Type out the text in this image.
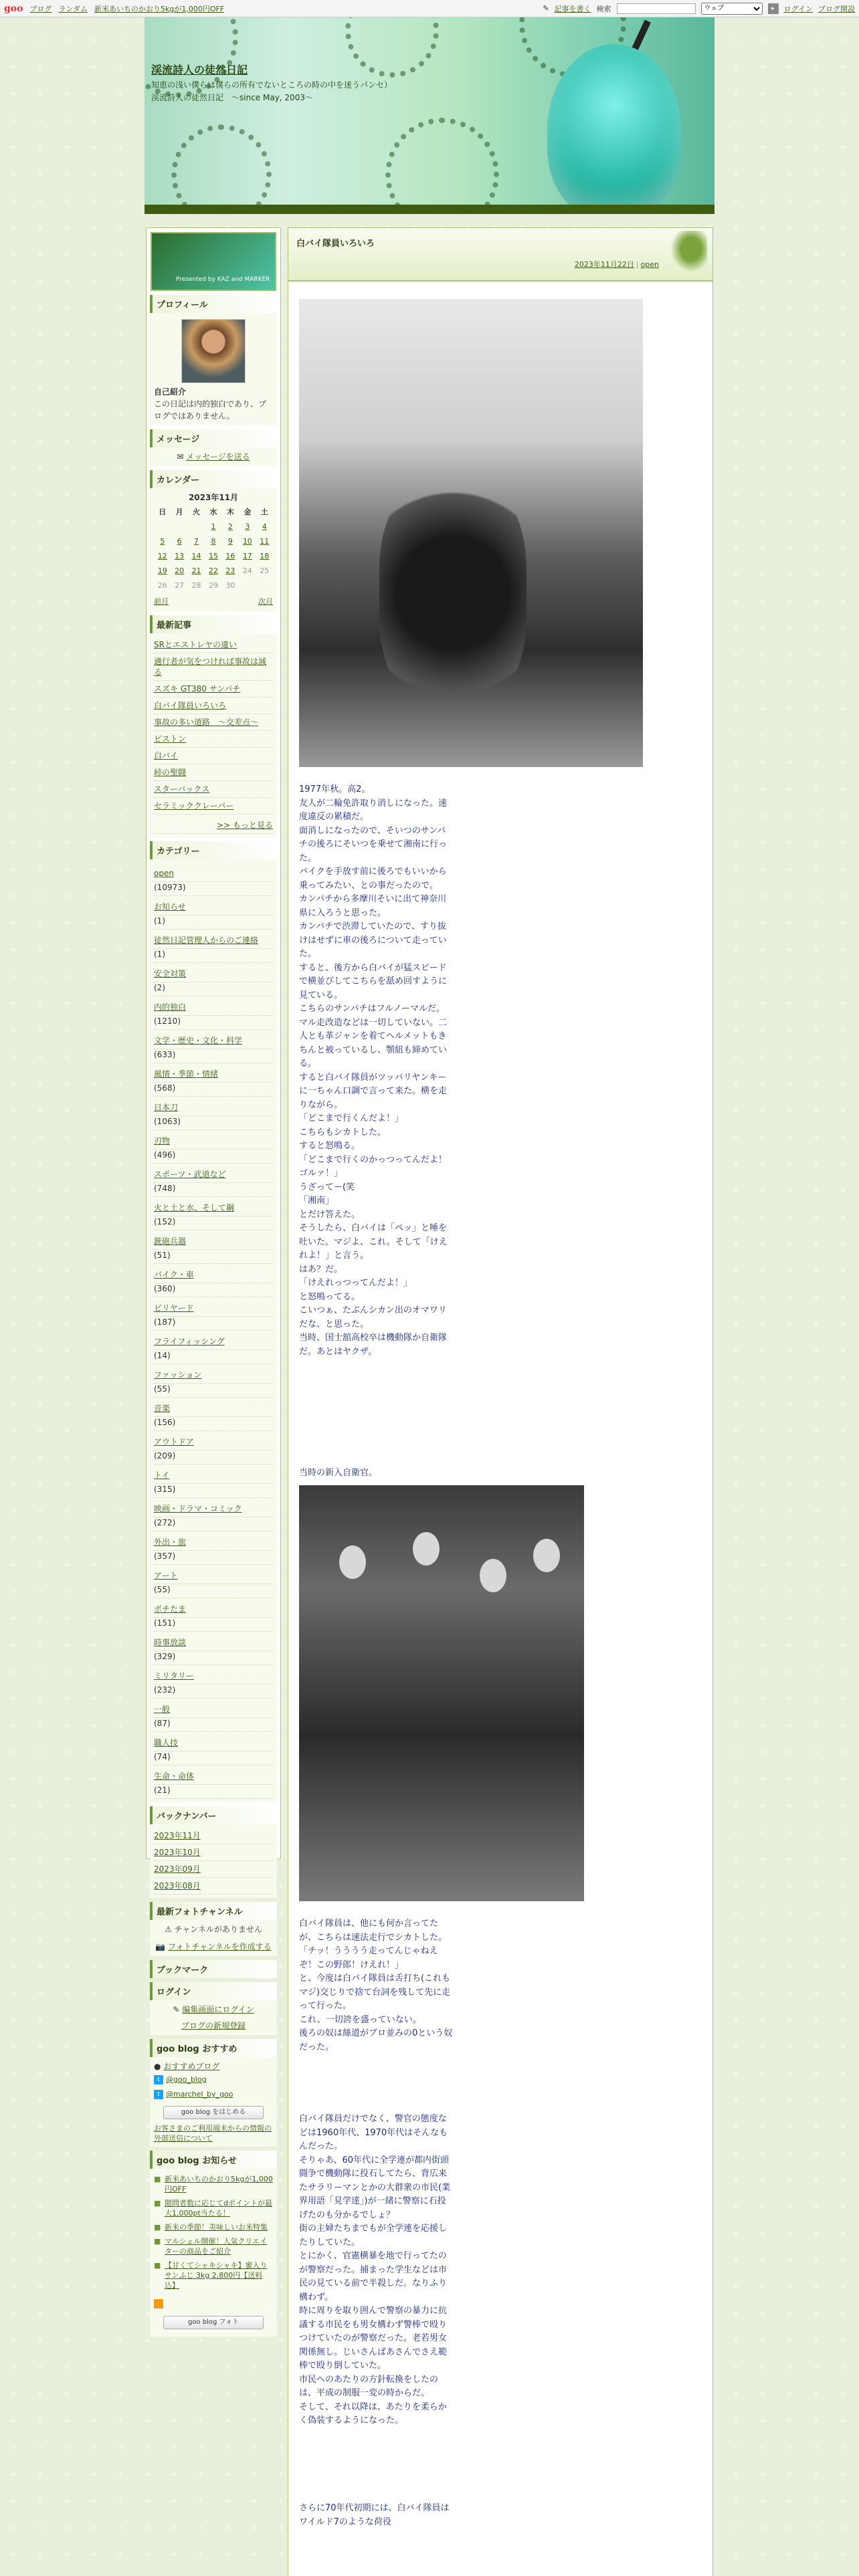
goo ブログ ランダム 新米あいちのかおり5kgが1,000円OFF	✎ 記事を書く 検索
ウェブ	▸	ログイン ブログ開設
渓流詩人の徒然日記
知恵の浅い僕らは僕らの所有でないところの時の中を迷うパンセ）　渓流詩人の徒然日記　〜since May, 2003〜
Presented by KAZ and MARKER
プロフィール
自己紹介
この日記は内的独白であり、ブログではありません。
メッセージ
✉ メッセージを送る
カレンダー
2023年11月
日	月	火	水	木	金	土
			1	2	3	4
5	6	7	8	9	10	11
12	13	14	15	16	17	18
19	20	21	22	23	24	25
26	27	28	29	30		
前月	次月
最新記事
SRとエストレヤの違い
適行者が気をつければ事故は減る
スズキ GT380 サンパチ
白バイ隊員いろいろ
事故の多い道路　〜交差点〜
ピストン
白バイ
峠の聖闘
スターバックス
セラミッククレーパー
>> もっと見る
カテゴリー
open
(10973)
お知らせ
(1)
徒然日記管理人からのご連絡
(1)
安全対策
(2)
内的独白
(1210)
文学・歴史・文化・科学
(633)
風情・季節・情緒
(568)
日本刀
(1063)
刃物
(496)
スポーツ・武道など
(748)
火と土と水、そして鋼
(152)
銃砲兵器
(51)
バイク・車
(360)
ビリヤード
(187)
フライフィッシング
(14)
ファッション
(55)
音楽
(156)
アウトドア
(209)
トイ
(315)
映画・ドラマ・コミック
(272)
外出・旅
(357)
アート
(55)
ポチたま
(151)
時事放談
(329)
ミリタリー
(232)
一般
(87)
職人技
(74)
生命・命体
(21)
バックナンバー
2023年11月
2023年10月
2023年09月
2023年08月
最新フォトチャンネル
⚠ チャンネルがありません
📷 フォトチャンネルを作成する
ブックマーク
ログイン
✎ 編集画面にログイン
ブログの新規登録
goo blog おすすめ
● おすすめブログ
t @goo_blog
t @marchel_by_goo
goo blog をはじめる
お客さまのご利用端末からの情報の外部送信について
goo blog お知らせ
■ 新米あいちのかおり5kgが1,000円OFF
■ 閲問者数に応じてdポイントが最大1,000pt当たる！
■ 新米の季節！美味しいお米特集
■ マルシェル開催！人気クリエイターの商品をご紹介
■ 【甘くてシャキシャキ】蜜入りサンふじ 3kg 2,800円【送料込】
goo blog フォト
白バイ隊員いろいろ
2023年11月22日 | open
1977年秋。高2。
友人が二輪免許取り消しになった。速度違反の累積だ。
面消しになったので、そいつのサンパチの後ろにそいつを乗せて湘南に行った。
バイクを手放す前に後ろでもいいから乗ってみたい、との事だったので。
カンパチから多摩川そいに出て神奈川県に入ろうと思った。
カンパチで渋滞していたので、すり抜けはせずに車の後ろについて走っていた。
すると、後方から白バイが猛スピードで横並びしてこちらを舐め回すように見ている。
こちらのサンパチはフルノーマルだ。マル走改造などは一切していない。二人とも革ジャンを着てヘルメットもきちんと被っているし、顎紐も締めている。
すると白バイ隊員がツッパリヤンキーに一ちゃん口調で言って来た。横を走りながら。
「どこまで行くんだよ！」
こちらもシカトした。
すると怒鳴る。
「どこまで行くのかっつってんだよ！ゴルァ！」
うざってー(笑
「湘南」
とだけ答えた。
そうしたら、白バイは「ペッ」と唾を吐いた。マジよ、これ。そして「けえれよ！」と言う。
はあ？だ。
「けえれっつってんだよ！」
と怒鳴ってる。
こいつぁ、たぶんシカン出のオマワリだな、と思った。
当時、国士舘高校卒は機動隊か自衛隊だ。あとはヤクザ。
当時の新入自衛官。
白バイ隊員は、他にも何か言ってたが、こちらは速法走行でシカトした。
「チッ！うううう走ってんじゃねえぞ！この野郎！けえれ！」
と、今度は白バイ隊員は舌打ち(これもマジ)交じりで捨て台詞を残して先に走って行った。
これ、一切誇を盛っていない。
後ろの奴は絲道がブロ並みの0という奴だった。
白バイ隊員だけでなく、警官の態度などは1960年代、1970年代はそんなもんだった。
そりゃあ、60年代に全学連が都内街頭闘争で機動隊に投石してたら、背広来たサラリーマンとかの大群衆の市民(業界用語「見学達」)が一緒に警察に石投げたのも分かるでしょ？
街の主婦たちまでもが全学連を応援したりしていた。
とにかく、官憲横暴を地で行ってたのが警察だった。捕まった学生などは市民の見ている前で半殺しだ。なりふり構わず。
時に周りを取り囲んで警察の暴力に抗議する市民をも男女構わず警棒で殴りつけていたのが警察だった。老若男女関係無し。じいさんばあさんでさえ範棒で殴り倒していた。
市民へのあたりの方針転換をしたのは、平成の制服一変の時からだ。
そして、それ以降は、あたりを柔らかく偽装するようになった。
さらに70年代初期には、白バイ隊員はワイルド7のような荷役
